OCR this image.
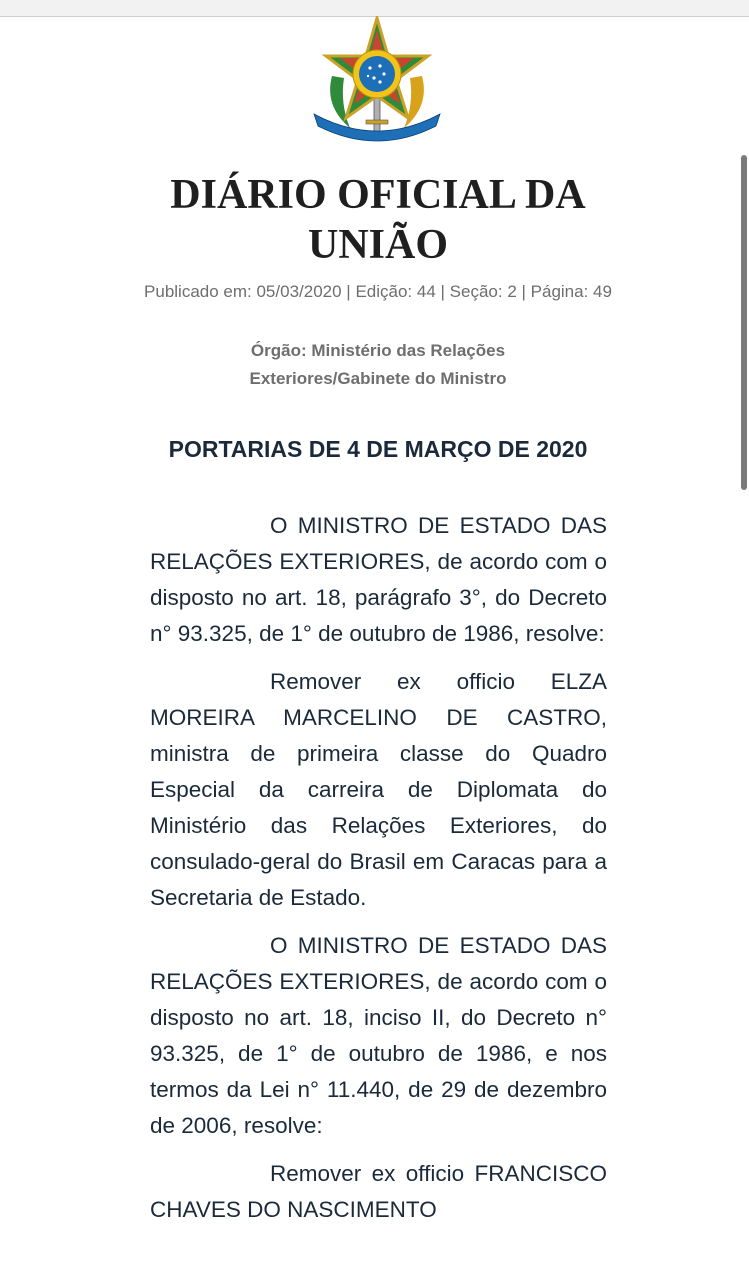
DIÁRIO OFICIAL DA UNIÃO
Publicado em: 05/03/2020 | Edição: 44 | Seção: 2 | Página: 49
Órgão: Ministério das Relações Exteriores/Gabinete do Ministro
PORTARIAS DE 4 DE MARÇO DE 2020

O MINISTRO DE ESTADO DAS RELAÇÕES EXTERIORES, de acordo com o disposto no art. 18, parágrafo 3°, do Decreto n° 93.325, de 1° de outubro de 1986, resolve:

Remover ex officio ELZA MOREIRA MARCELINO DE CASTRO, ministra de primeira classe do Quadro Especial da carreira de Diplomata do Ministério das Relações Exteriores, do consulado-geral do Brasil em Caracas para a Secretaria de Estado.

O MINISTRO DE ESTADO DAS RELAÇÕES EXTERIORES, de acordo com o disposto no art. 18, inciso II, do Decreto n° 93.325, de 1° de outubro de 1986, e nos termos da Lei n° 11.440, de 29 de dezembro de 2006, resolve:

Remover ex officio FRANCISCO CHAVES DO NASCIMENTO
